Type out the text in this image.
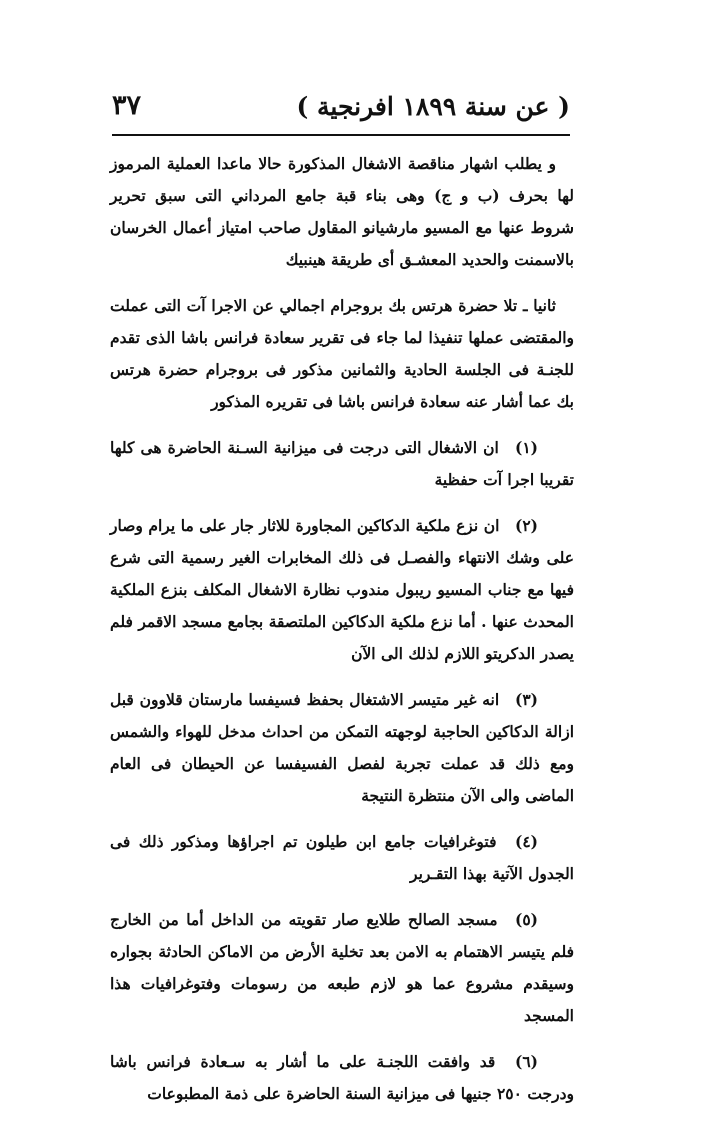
( عن سنة ١٨٩٩ افرنجية )
٣٧

و يطلب اشهار مناقصة الاشغال المذكورة حالا ماعدا العملية المرموز لها بحرف (ب و ج) وهى بناء قبة جامع المرداني التى سبق تحرير شروط عنها مع المسيو مارشيانو المقاول صاحب امتياز أعمال الخرسان بالاسمنت والحديد المعشـق أى طريقة هينبيك

ثانيا ـ تلا حضرة هرتس بك بروجرام اجمالي عن الاجرا آت التى عملت والمقتضى عملها تنفيذا لما جاء فى تقرير سعادة فرانس باشا الذى تقدم للجنـة فى الجلسة الحادية والثمانين مذكور فى بروجرام حضرة هرتس بك عما أشار عنه سعادة فرانس باشا فى تقريره المذكور

(١) ان الاشغال التى درجت فى ميزانية السـنة الحاضرة هى كلها تقريبا اجرا آت حفظية

(٢) ان نزع ملكية الدكاكين المجاورة للاثار جار على ما يرام وصار على وشك الانتهاء والفصـل فى ذلك المخابرات الغير رسمية التى شرع فيها مع جناب المسيو ريبول مندوب نظارة الاشغال المكلف بنزع الملكية المحدث عنها . أما نزع ملكية الدكاكين الملتصقة بجامع مسجد الاقمر فلم يصدر الدكريتو اللازم لذلك الى الآن

(٣) انه غير متيسر الاشتغال بحفظ فسيفسا مارستان قلاوون قبل ازالة الدكاكين الحاجبة لوجهته التمكن من احداث مدخل للهواء والشمس ومع ذلك قد عملت تجربة لفصل الفسيفسا عن الحيطان فى العام الماضى والى الآن منتظرة النتيجة

(٤) فتوغرافيات جامع ابن طيلون تم اجراؤها ومذكور ذلك فى الجدول الآتية بهذا التقـرير

(٥) مسجد الصالح طلايع صار تقويته من الداخل أما من الخارج فلم يتيسر الاهتمام به الامن بعد تخلية الأرض من الاماكن الحادثة بجواره وسيقدم مشروع عما هو لازم طبعه من رسومات وفتوغرافيات هذا المسجد

(٦) قد وافقت اللجنـة على ما أشار به سـعادة فرانس باشا ودرجت ٢٥٠ جنيها فى ميزانية السنة الحاضرة على ذمة المطبوعات
